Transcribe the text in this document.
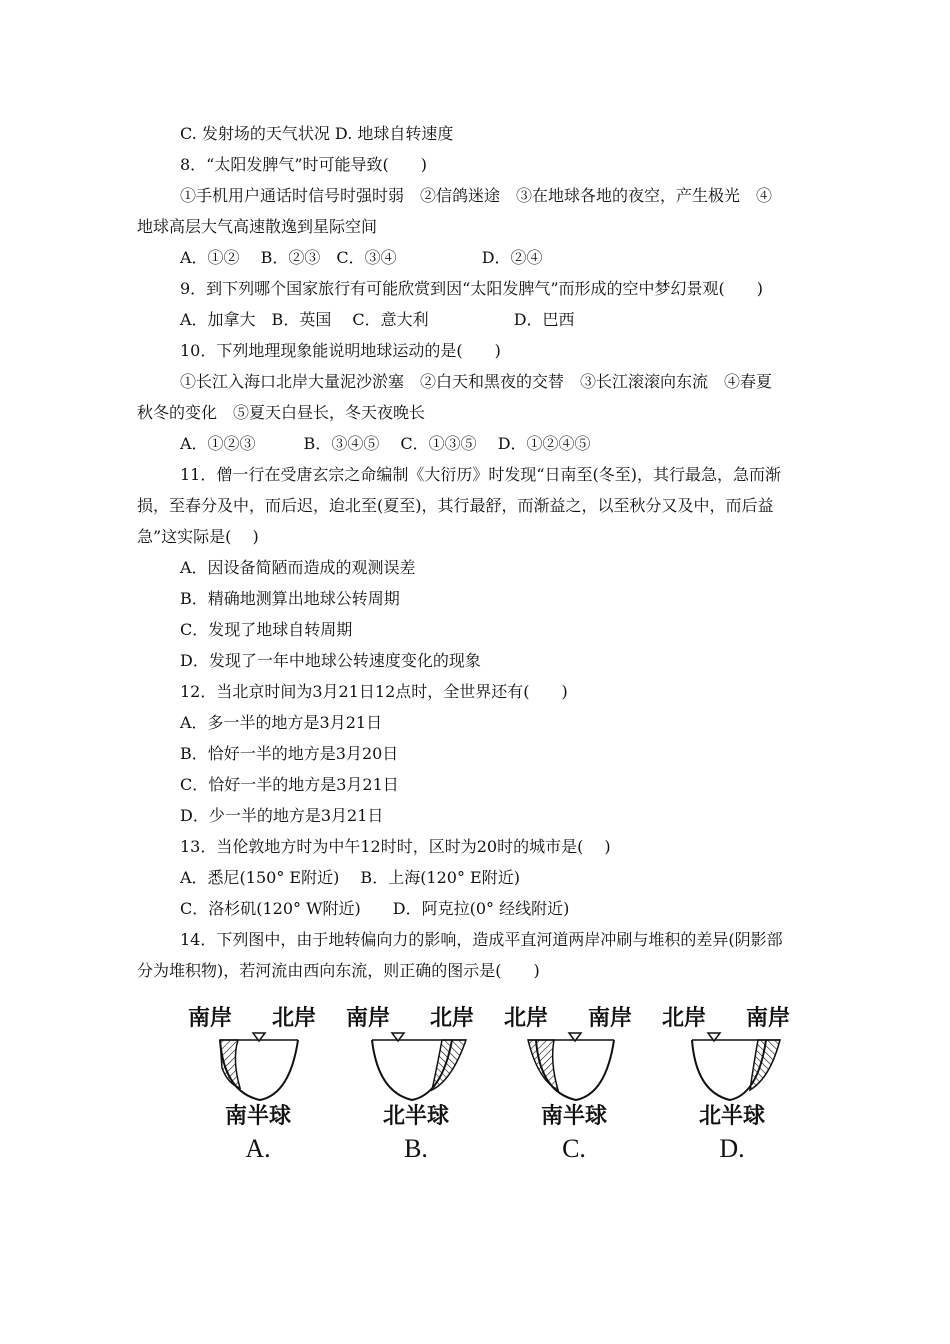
C. 发射场的天气状况 D. 地球自转速度
8．“太阳发脾气”时可能导致(　　)
①手机用户通话时信号时强时弱　②信鸽迷途　③在地球各地的夜空，产生极光　④
地球高层大气高速散逸到星际空间
A．①②　 B．②③　C．③④　　　　　 D．②④
9．到下列哪个国家旅行有可能欣赏到因“太阳发脾气”而形成的空中梦幻景观(　　)
A．加拿大　B．英国　 C．意大利　　　　　 D．巴西
10．下列地理现象能说明地球运动的是(　　)
①长江入海口北岸大量泥沙淤塞　②白天和黑夜的交替　③长江滚滚向东流　④春夏
秋冬的变化　⑤夏天白昼长，冬天夜晚长
A．①②③　　　B．③④⑤　 C．①③⑤　 D．①②④⑤
11．僧一行在受唐玄宗之命编制《大衍历》时发现“日南至(冬至)，其行最急，急而渐
损，至春分及中，而后迟，迨北至(夏至)，其行最舒，而渐益之，以至秋分又及中，而后益
急”这实际是(　 )
A．因设备简陋而造成的观测误差
B．精确地测算出地球公转周期
C．发现了地球自转周期
D．发现了一年中地球公转速度变化的现象
12．当北京时间为3月21日12点时，全世界还有(　　)
A．多一半的地方是3月21日
B．恰好一半的地方是3月20日
C．恰好一半的地方是3月21日
D．少一半的地方是3月21日
13．当伦敦地方时为中午12时时，区时为20时的城市是(　 )
A．悉尼(150° E附近)　 B．上海(120° E附近)
C．洛杉矶(120° W附近)　　D．阿克拉(0° 经线附近)
14．下列图中，由于地转偏向力的影响，造成平直河道两岸冲刷与堆积的差异(阴影部
分为堆积物)，若河流由西向东流，则正确的图示是(　　)
南岸 北岸
南半球
A.
南岸 北岸
北半球
B.
北岸 南岸
南半球
C.
北岸 南岸
北半球
D.
